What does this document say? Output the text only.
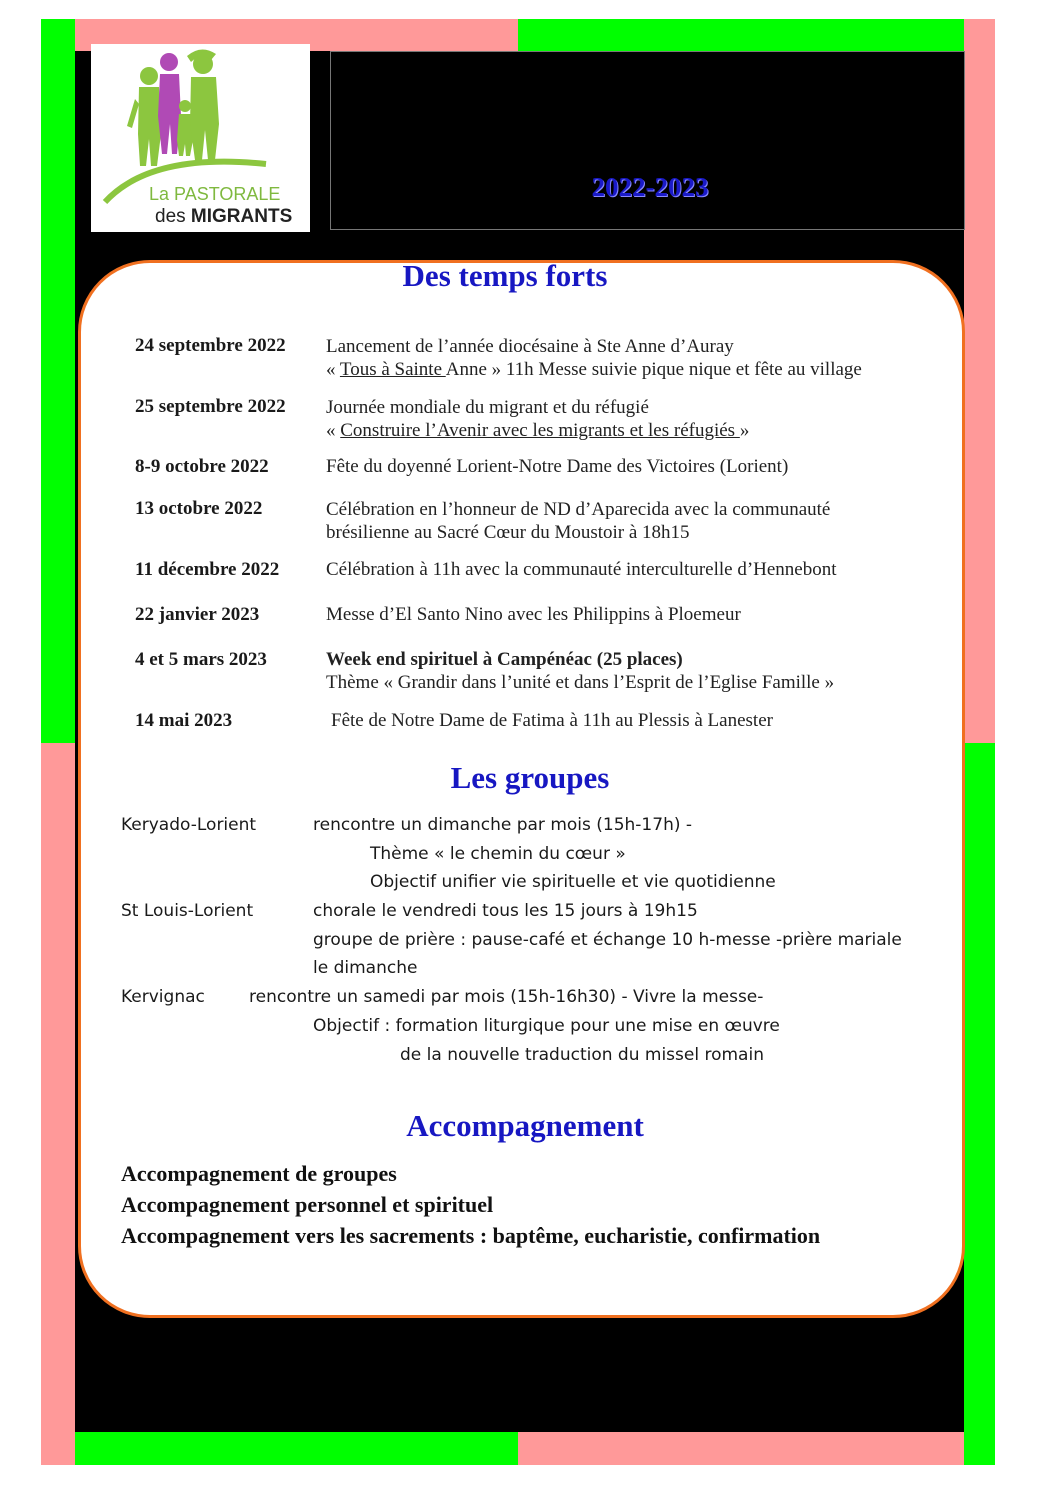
La PASTORALE
des MIGRANTS
2022-2023
Des temps forts
24 septembre 2022 Lancement de l’année diocésaine à Ste Anne d’Auray
« Tous à Sainte Anne » 11h Messe suivie pique nique et fête au village
25 septembre 2022 Journée mondiale du migrant et du réfugié
« Construire l’Avenir avec les migrants et les réfugiés »
8-9 octobre 2022	Fête du doyenné Lorient-Notre Dame des Victoires (Lorient)
13 octobre 2022	Célébration en l’honneur de ND d’Aparecida avec la communauté
brésilienne au Sacré Cœur du Moustoir à 18h15
11 décembre 2022 Célébration à 11h avec la communauté interculturelle d’Hennebont
22 janvier 2023	Messe d’El Santo Nino avec les Philippins à Ploemeur
4 et 5 mars 2023	Week end spirituel à Campénéac (25 places)
Thème « Grandir dans l’unité et dans l’Esprit de l’Eglise Famille »
14 mai 2023	Fête de Notre Dame de Fatima à 11h au Plessis à Lanester
Les groupes
Keryado-Lorient	rencontre un dimanche par mois (15h-17h) -
Thème « le chemin du cœur »
Objectif unifier vie spirituelle et vie quotidienne
St Louis-Lorient	chorale le vendredi tous les 15 jours à 19h15
groupe de prière : pause-café et échange 10 h-messe -prière mariale
le dimanche
Kervignac	rencontre un samedi par mois (15h-16h30) - Vivre la messe-
Objectif : formation liturgique pour une mise en œuvre
de la nouvelle traduction du missel romain
Accompagnement
Accompagnement de groupes
Accompagnement personnel et spirituel
Accompagnement vers les sacrements : baptême, eucharistie, confirmation
